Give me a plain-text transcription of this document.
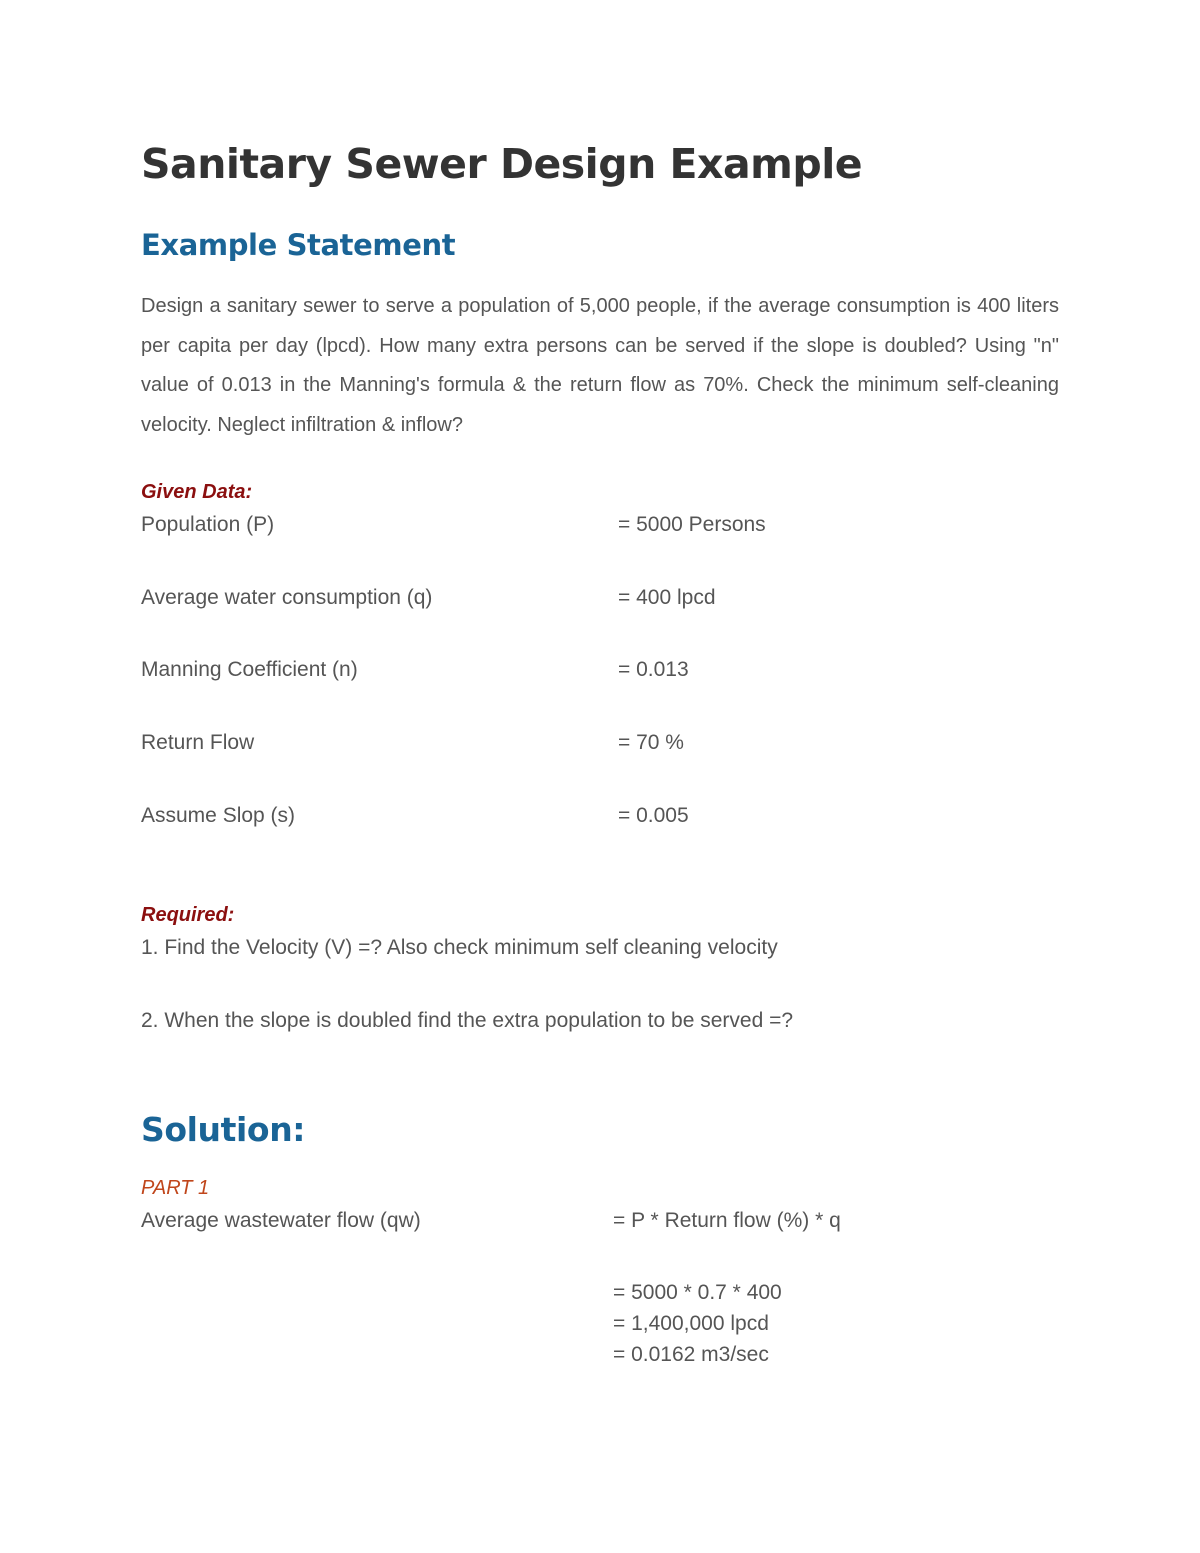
Sanitary Sewer Design Example
Example Statement

Design a sanitary sewer to serve a population of 5,000 people, if the average consumption is 400 liters per capita per day (lpcd). How many extra persons can be served if the slope is doubled? Using "n" value of 0.013 in the Manning's formula & the return flow as 70%. Check the minimum self-cleaning velocity. Neglect infiltration & inflow?

Given Data:

Population (P)	= 5000 Persons

Average water consumption (q)	= 400 lpcd

Manning Coefficient (n)	= 0.013

Return Flow	= 70 %

Assume Slop (s)	= 0.005

Required:

1. Find the Velocity (V) =? Also check minimum self cleaning velocity

2. When the slope is doubled find the extra population to be served =?

Solution:

PART 1

Average wastewater flow (qw)	= P * Return flow (%) * q

= 5000 * 0.7 * 400

= 1,400,000 lpcd

= 0.0162 m3/sec
